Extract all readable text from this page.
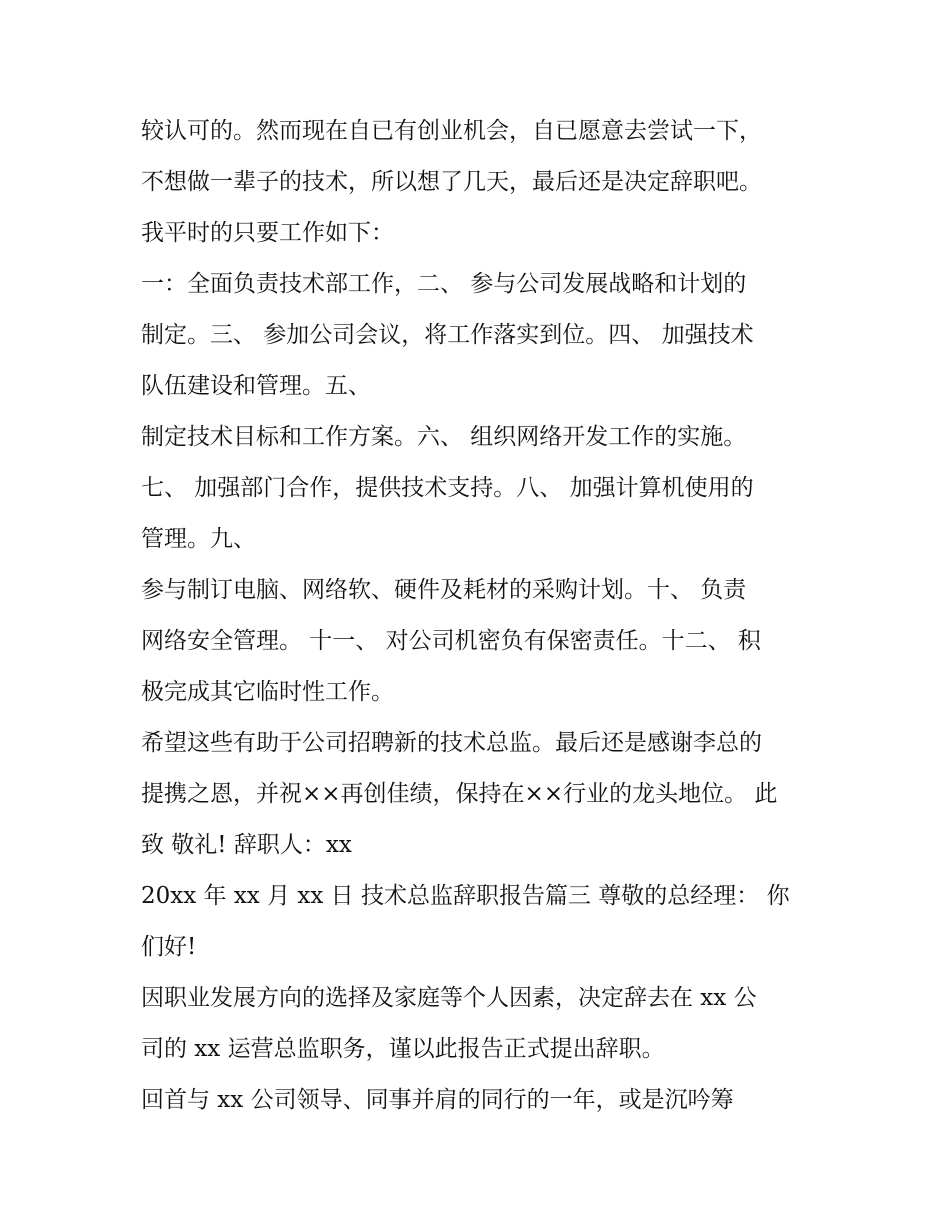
较认可的。然而现在自已有创业机会，自已愿意去尝试一下，
不想做一辈子的技术，所以想了几天，最后还是决定辞职吧。
我平时的只要工作如下：
一：全面负责技术部工作，二、 参与公司发展战略和计划的
制定。三、 参加公司会议，将工作落实到位。四、 加强技术
队伍建设和管理。五、
制定技术目标和工作方案。六、 组织网络开发工作的实施。
七、 加强部门合作，提供技术支持。八、 加强计算机使用的
管理。九、
参与制订电脑、网络软、硬件及耗材的采购计划。十、 负责
网络安全管理。 十一、 对公司机密负有保密责任。十二、 积
极完成其它临时性工作。
希望这些有助于公司招聘新的技术总监。最后还是感谢李总的
提携之恩，并祝××再创佳绩，保持在××行业的龙头地位。 此
致 敬礼! 辞职人：xx
20xx 年 xx 月 xx 日 技术总监辞职报告篇三 尊敬的总经理： 你
们好!
因职业发展方向的选择及家庭等个人因素，决定辞去在 xx 公
司的 xx 运营总监职务，谨以此报告正式提出辞职。
回首与 xx 公司领导、同事并肩的同行的一年，或是沉吟筹
